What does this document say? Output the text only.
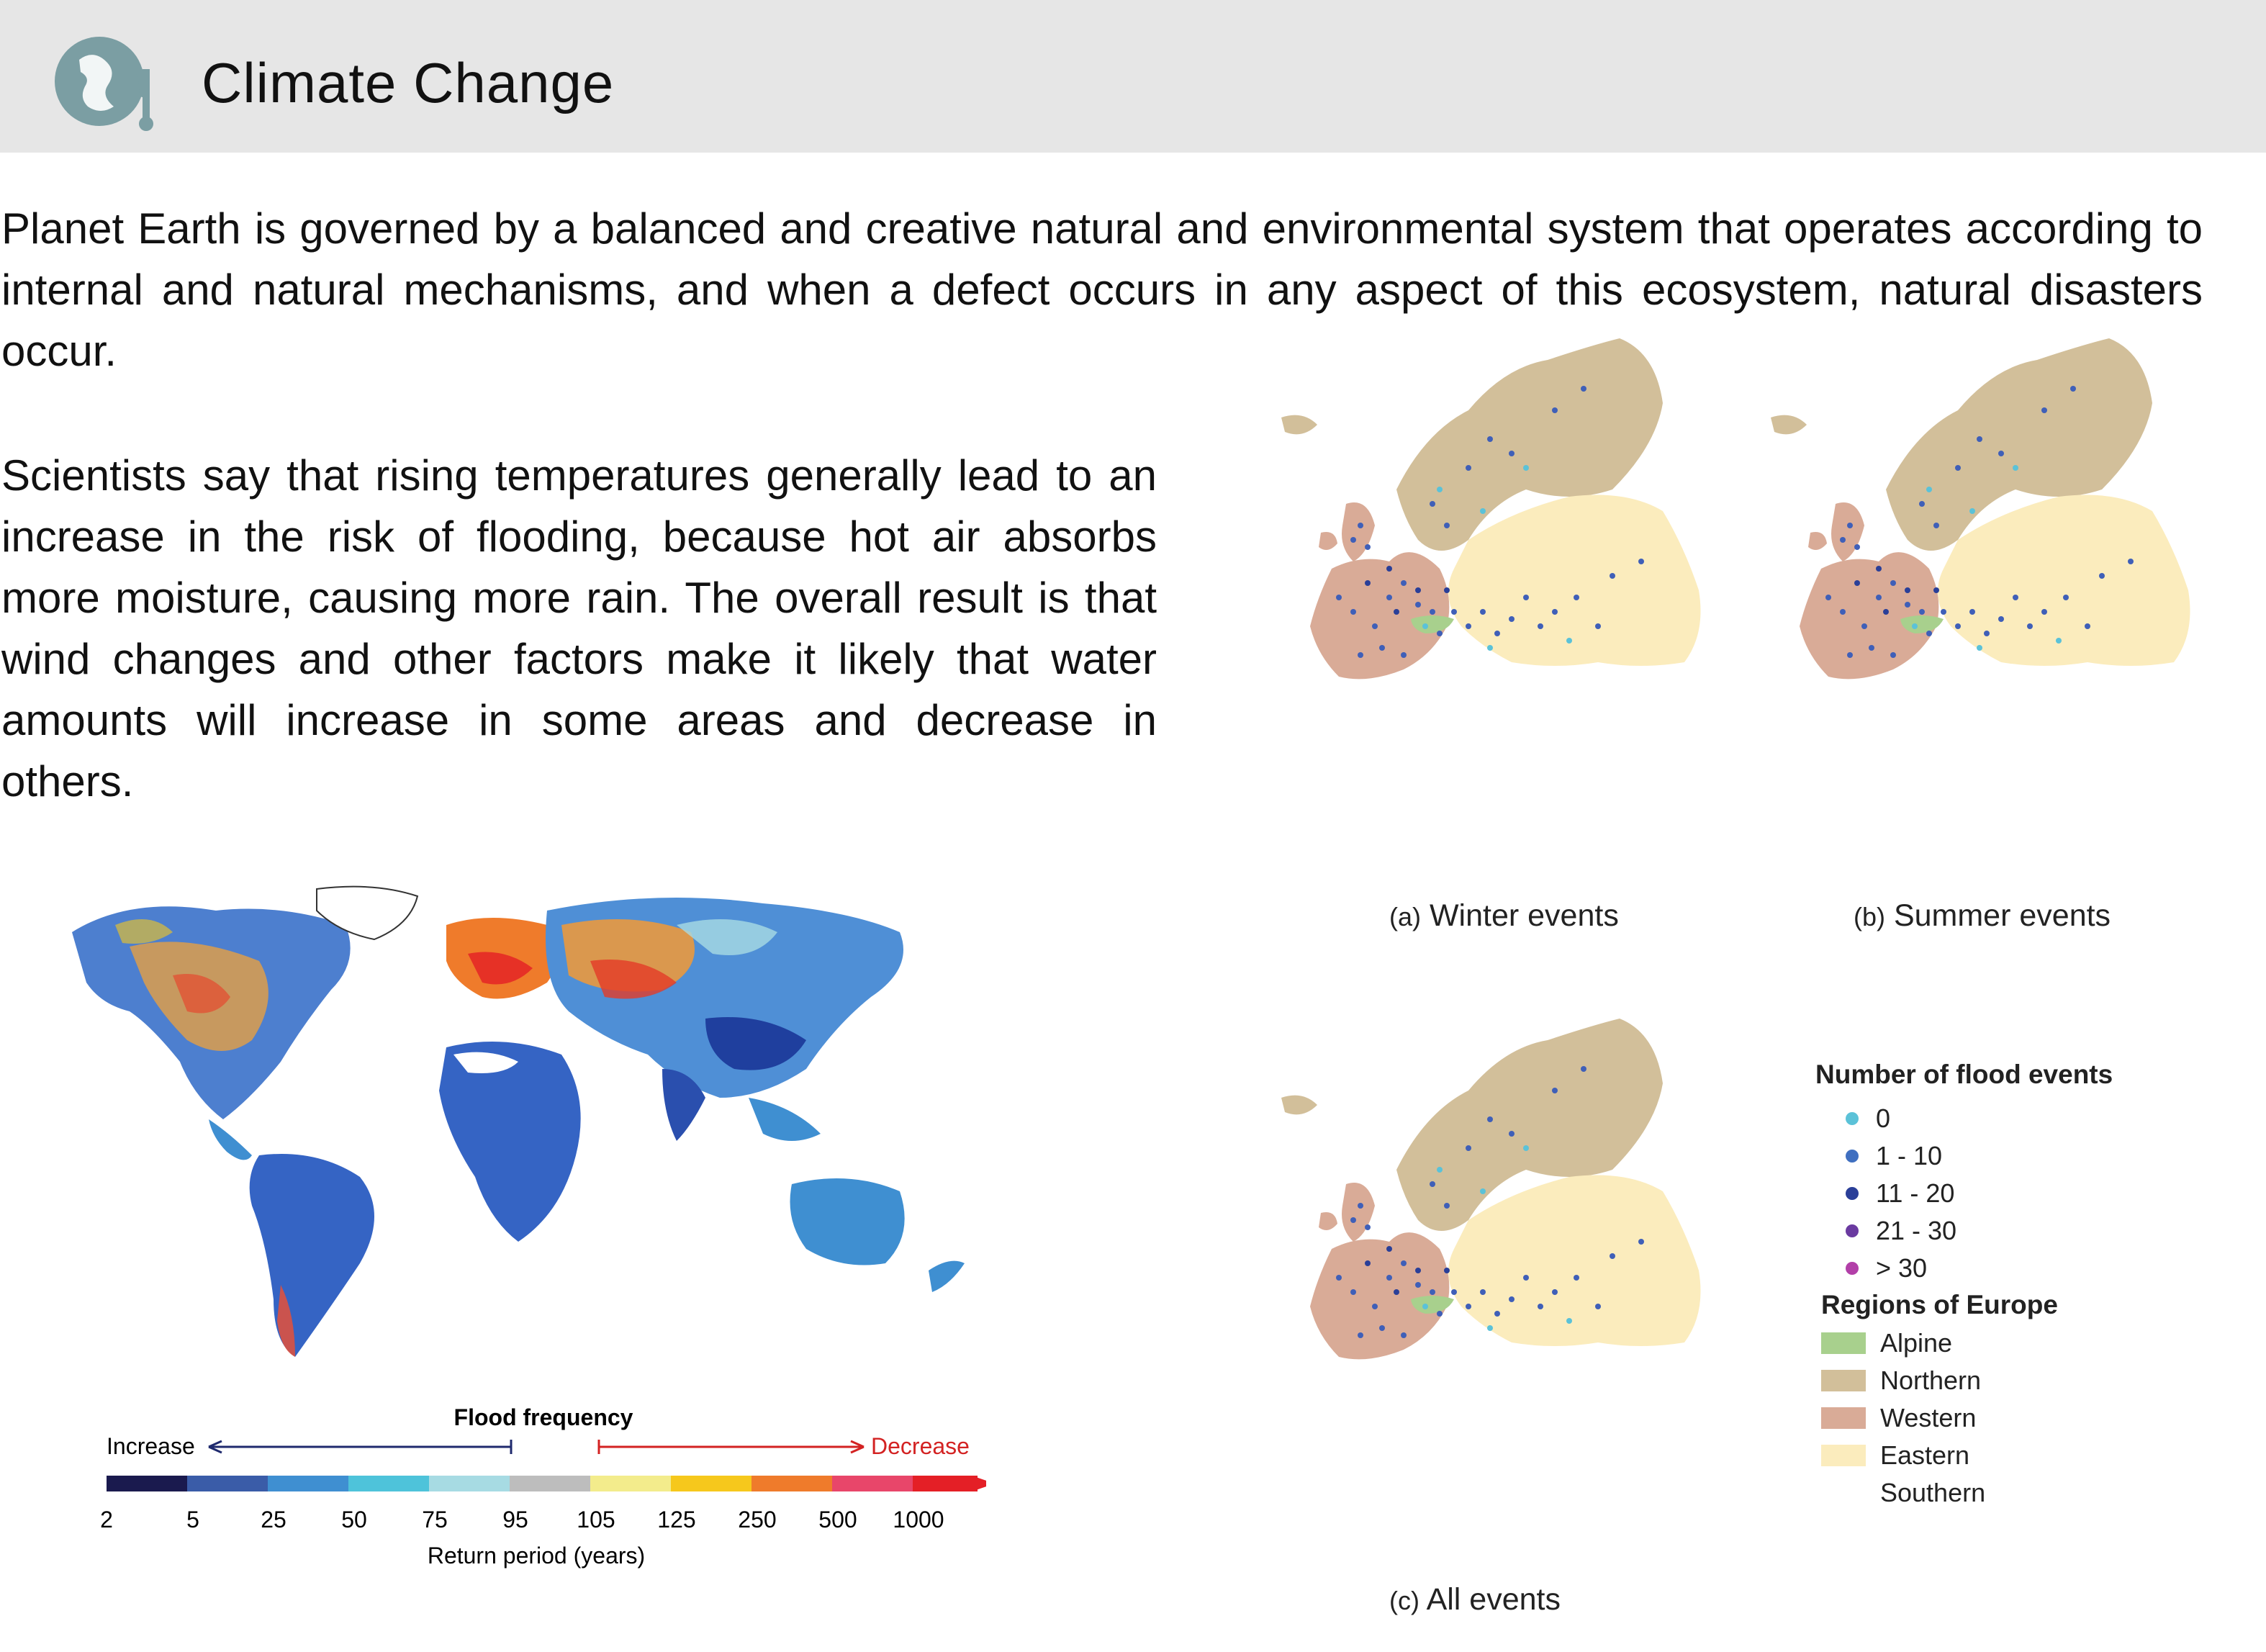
Climate Change

Planet Earth is governed by a balanced and creative natural and environmental system that operates according to internal and natural mechanisms, and when a defect occurs in any aspect of this ecosystem, natural disasters occur.

Scientists say that rising temperatures generally lead to an increase in the risk of flooding, because hot air absorbs more moisture, causing more rain. The overall result is that wind changes and other factors make it likely that water amounts will increase in some areas and decrease in others.

Flood frequency
Increase	Decrease
2	5	25 50 75 95 105 125 250 500 1000
Return period (years)
(a) Winter events	(b) Summer events
(c) All events
Number of flood events
0
1 - 10
11 - 20
21 - 30
> 30
Regions of Europe
Alpine
Northern
Western
Eastern
Southern
